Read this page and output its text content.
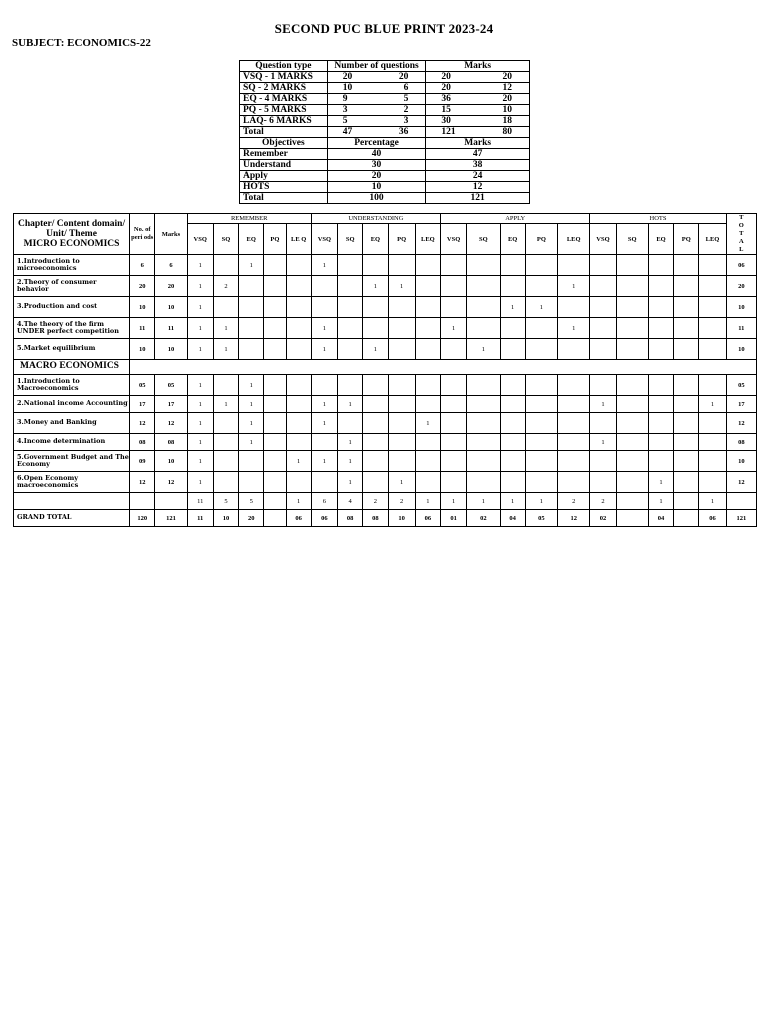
SECOND PUC BLUE PRINT 2023-24
SUBJECT: ECONOMICS-22
Question type	Number of questions	Marks
VSQ - 1 MARKS	20 20	20 20

SQ - 2 MARKS	10 6	20 12

EQ - 4 MARKS	9 5	36 20

PQ - 5 MARKS	3 2	15 10

LAQ- 6 MARKS	5 3	30 18

Total	47 36	121 80

Objectives	Percentage	Marks
Remember	40	47
Understand	30	38
Apply	20	24
HOTS	10	12
Total	100	121
Chapter/ Content domain/
Unit/ Theme
MICRO ECONOMICS	No. of peri ods	Marks	REMEMBER					UNDERSTANDING					APPLY					HOTS					T
O
T
A
L
			VSQ	SQ	EQ	PQ	LE Q	VSQ	SQ	EQ	PQ	LEQ	VSQ	SQ	EQ	PQ	LEQ	VSQ	SQ	EQ	PQ	LEQ	
1.Introduction to microeconomics	6	6	1		1			1															06
2.Theory of consumer behavior	20	20	1	2						1	1						1						20
3.Production and cost	10	10	1												1	1							10
4.The theory of the firm UNDER perfect competition	11	11	1	1				1					1				1						11
5.Market equilibrium	10	10	1	1				1		1				1									10
MACRO ECONOMICS																							
1.Introduction to Macroeconomics	05	05	1		1																		05
2.National income Accounting	17	17	1	1	1			1	1									1				1	17
3.Money and Banking	12	12	1		1			1				1											12
4.Income determination	08	08	1		1				1									1					08
5.Government Budget and The Economy	09	10	1				1	1	1														10
6.Open Economy macroeconomics	12	12	1						1		1									1			12
			11	5	5		1	6	4	2	2	1	1	1	1	1	2	2		1		1	
GRAND TOTAL	120	121	11	10	20		06	06	08	08	10	06	01	02	04	05	12	02		04		06	121
